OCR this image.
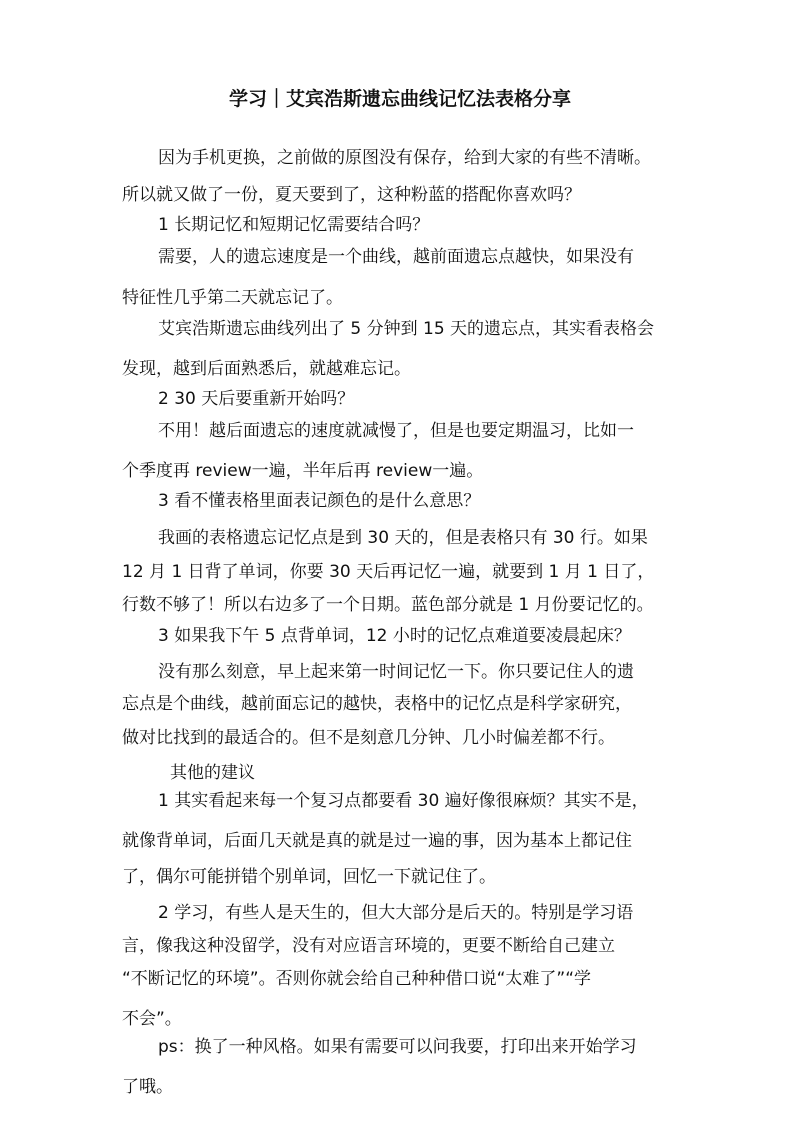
学习｜艾宾浩斯遗忘曲线记忆法表格分享
因为手机更换，之前做的原图没有保存，给到大家的有些不清晰。
所以就又做了一份，夏天要到了，这种粉蓝的搭配你喜欢吗？
1 长期记忆和短期记忆需要结合吗？
需要，人的遗忘速度是一个曲线，越前面遗忘点越快，如果没有
特征性几乎第二天就忘记了。
艾宾浩斯遗忘曲线列出了 5 分钟到 15 天的遗忘点，其实看表格会
发现，越到后面熟悉后，就越难忘记。
2 30 天后要重新开始吗？
不用！越后面遗忘的速度就减慢了，但是也要定期温习，比如一
个季度再 review一遍，半年后再 review一遍。
3 看不懂表格里面表记颜色的是什么意思？
我画的表格遗忘记忆点是到 30 天的，但是表格只有 30 行。如果
12 月 1 日背了单词，你要 30 天后再记忆一遍，就要到 1 月 1 日了，
行数不够了！所以右边多了一个日期。蓝色部分就是 1 月份要记忆的。
3 如果我下午 5 点背单词，12 小时的记忆点难道要凌晨起床？
没有那么刻意，早上起来第一时间记忆一下。你只要记住人的遗
忘点是个曲线，越前面忘记的越快，表格中的记忆点是科学家研究，
做对比找到的最适合的。但不是刻意几分钟、几小时偏差都不行。
其他的建议
1 其实看起来每一个复习点都要看 30 遍好像很麻烦？其实不是，
就像背单词，后面几天就是真的就是过一遍的事，因为基本上都记住
了，偶尔可能拼错个别单词，回忆一下就记住了。
2 学习，有些人是天生的，但大大部分是后天的。特别是学习语
言，像我这种没留学，没有对应语言环境的，更要不断给自己建立
“不断记忆的环境”。否则你就会给自己种种借口说“太难了”“学
不会”。
ps：换了一种风格。如果有需要可以问我要，打印出来开始学习
了哦。
